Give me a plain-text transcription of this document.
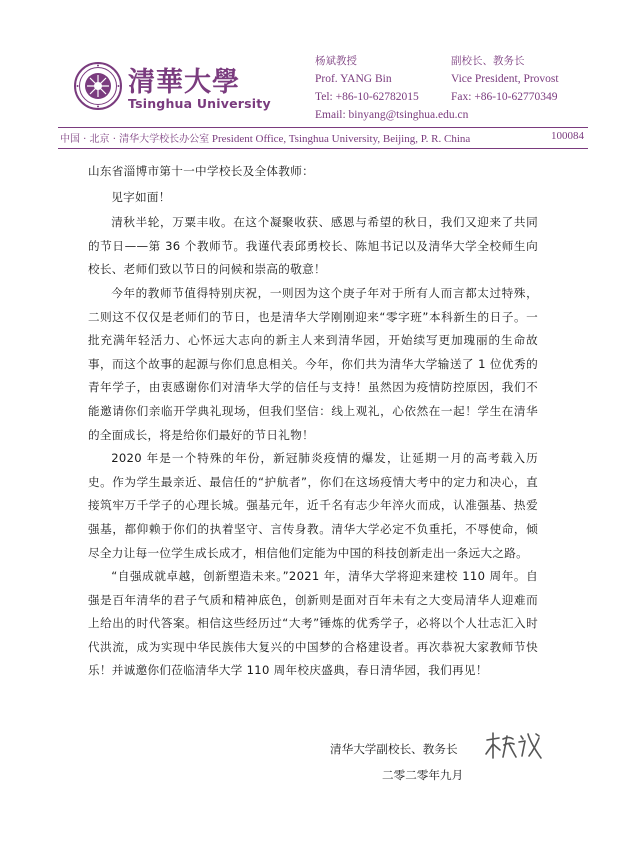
清華大學
Tsinghua University
杨斌教授
Prof. YANG Bin
Tel: +86-10-62782015
Email: binyang@tsinghua.edu.cn
副校长、教务长
Vice President, Provost
Fax: +86-10-62770349
中国 · 北京 · 清华大学校长办公室 President Office, Tsinghua University, Beijing, P. R. China	100084

山东省淄博市第十一中学校长及全体教师：

见字如面！

清秋半轮，万粟丰收。在这个凝聚收获、感恩与希望的秋日，我们又迎来了共同的节日——第 36 个教师节。我谨代表邱勇校长、陈旭书记以及清华大学全校师生向校长、老师们致以节日的问候和崇高的敬意！

今年的教师节值得特别庆祝，一则因为这个庚子年对于所有人而言都太过特殊，二则这不仅仅是老师们的节日，也是清华大学刚刚迎来“零字班”本科新生的日子。一批充满年轻活力、心怀远大志向的新主人来到清华园，开始续写更加瑰丽的生命故事，而这个故事的起源与你们息息相关。今年，你们共为清华大学输送了 1 位优秀的青年学子，由衷感谢你们对清华大学的信任与支持！虽然因为疫情防控原因，我们不能邀请你们亲临开学典礼现场，但我们坚信：线上观礼，心依然在一起！学生在清华的全面成长，将是给你们最好的节日礼物！

2020 年是一个特殊的年份，新冠肺炎疫情的爆发，让延期一月的高考载入历史。作为学生最亲近、最信任的“护航者”，你们在这场疫情大考中的定力和决心，直接筑牢万千学子的心理长城。强基元年，近千名有志少年淬火而成，认准强基、热爱强基，都仰赖于你们的执着坚守、言传身教。清华大学必定不负重托，不辱使命，倾尽全力让每一位学生成长成才，相信他们定能为中国的科技创新走出一条远大之路。

“自强成就卓越，创新塑造未来。”2021 年，清华大学将迎来建校 110 周年。自强是百年清华的君子气质和精神底色，创新则是面对百年未有之大变局清华人迎难而上给出的时代答案。相信这些经历过“大考”锤炼的优秀学子，必将以个人壮志汇入时代洪流，成为实现中华民族伟大复兴的中国梦的合格建设者。再次恭祝大家教师节快乐！并诚邀你们莅临清华大学 110 周年校庆盛典，春日清华园，我们再见！

清华大学副校长、教务长
二零二零年九月
